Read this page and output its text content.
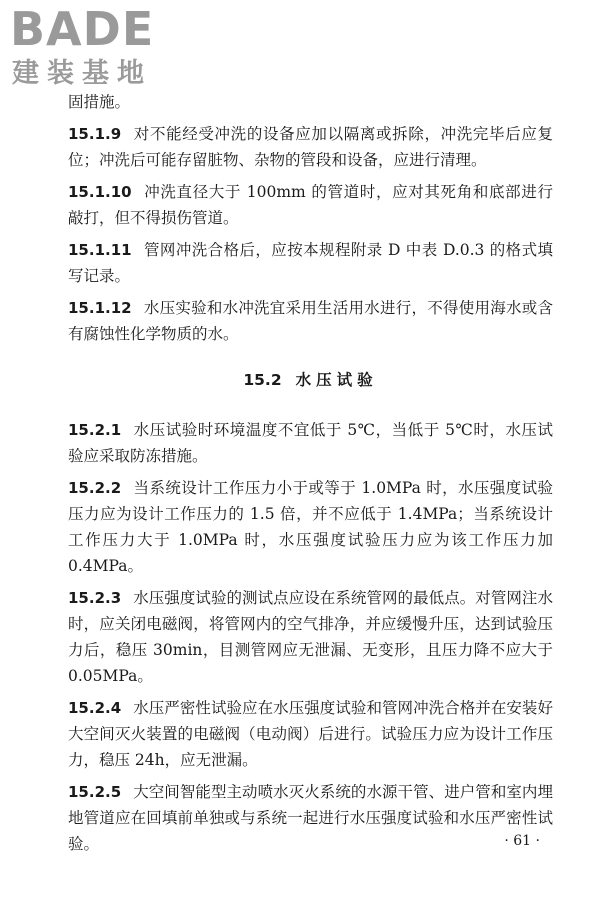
BADE
建装基地

固措施。

15.1.9 对不能经受冲洗的设备应加以隔离或拆除，冲洗完毕后应复位；冲洗后可能存留脏物、杂物的管段和设备，应进行清理。

15.1.10 冲洗直径大于 100mm 的管道时，应对其死角和底部进行敲打，但不得损伤管道。

15.1.11 管网冲洗合格后，应按本规程附录 D 中表 D.0.3 的格式填写记录。

15.1.12 水压实验和水冲洗宜采用生活用水进行，不得使用海水或含有腐蚀性化学物质的水。

15.2 水压试验

15.2.1 水压试验时环境温度不宜低于 5℃，当低于 5℃时，水压试验应采取防冻措施。

15.2.2 当系统设计工作压力小于或等于 1.0MPa 时，水压强度试验压力应为设计工作压力的 1.5 倍，并不应低于 1.4MPa；当系统设计工作压力大于 1.0MPa 时，水压强度试验压力应为该工作压力加 0.4MPa。

15.2.3 水压强度试验的测试点应设在系统管网的最低点。对管网注水时，应关闭电磁阀，将管网内的空气排净，并应缓慢升压，达到试验压力后，稳压 30min，目测管网应无泄漏、无变形，且压力降不应大于 0.05MPa。

15.2.4 水压严密性试验应在水压强度试验和管网冲洗合格并在安装好大空间灭火装置的电磁阀（电动阀）后进行。试验压力应为设计工作压力，稳压 24h，应无泄漏。

15.2.5 大空间智能型主动喷水灭火系统的水源干管、进户管和室内埋地管道应在回填前单独或与系统一起进行水压强度试验和水压严密性试验。	· 61 ·
